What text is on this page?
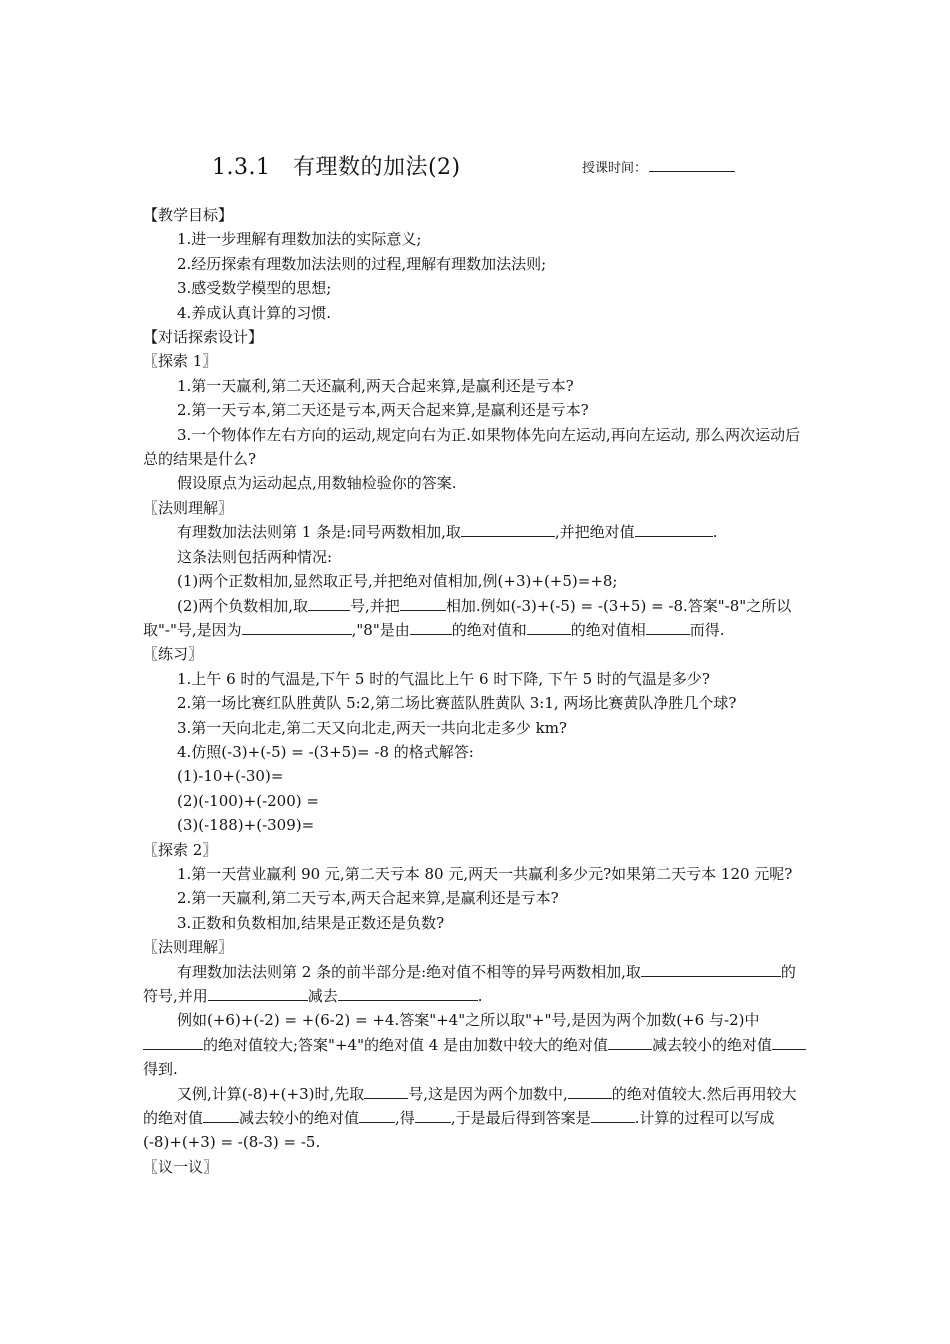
1.3.1　有理数的加法(2)	授课时间：

【教学目标】

1.进一步理解有理数加法的实际意义;

2.经历探索有理数加法法则的过程,理解有理数加法法则;

3.感受数学模型的思想;

4.养成认真计算的习惯.

【对话探索设计】

〖探索 1〗

1.第一天赢利,第二天还赢利,两天合起来算,是赢利还是亏本?

2.第一天亏本,第二天还是亏本,两天合起来算,是赢利还是亏本?

3.一个物体作左右方向的运动,规定向右为正.如果物体先向左运动,再向左运动, 那么两次运动后总的结果是什么?

假设原点为运动起点,用数轴检验你的答案.

〖法则理解〗

有理数加法法则第 1 条是:同号两数相加,取	,并把绝对值	.

这条法则包括两种情况:

(1)两个正数相加,显然取正号,并把绝对值相加,例(+3)+(+5)=+8;

(2)两个负数相加,取	号,并把	相加.例如(-3)+(-5) = -(3+5) = -8.答案"-8"之所以取"-"号,是因为	,"8"是由	的绝对值和	的绝对值相	而得.

〖练习〗

1.上午 6 时的气温是,下午 5 时的气温比上午 6 时下降, 下午 5 时的气温是多少?

2.第一场比赛红队胜黄队 5:2,第二场比赛蓝队胜黄队 3:1, 两场比赛黄队净胜几个球?

3.第一天向北走,第二天又向北走,两天一共向北走多少 km?

4.仿照(-3)+(-5) = -(3+5)= -8 的格式解答:

(1)-10+(-30)=

(2)(-100)+(-200) =

(3)(-188)+(-309)=

〖探索 2〗

1.第一天营业赢利 90 元,第二天亏本 80 元,两天一共赢利多少元?如果第二天亏本 120 元呢?

2.第一天赢利,第二天亏本,两天合起来算,是赢利还是亏本?

3.正数和负数相加,结果是正数还是负数?

〖法则理解〗

有理数加法法则第 2 条的前半部分是:绝对值不相等的异号两数相加,取	的符号,并用	减去	.

例如(+6)+(-2) = +(6-2) = +4.答案"+4"之所以取"+"号,是因为两个加数(+6 与-2)中的绝对值较大;答案"+4"的绝对值 4 是由加数中较大的绝对值	减去较小的绝对值得到.

又例,计算(-8)+(+3)时,先取	号,这是因为两个加数中,	的绝对值较大.然后再用较大的绝对值 减去较小的绝对值 ,得 ,于是最后得到答案是	.计算的过程可以写成(-8)+(+3) = -(8-3) = -5.

〖议一议〗
